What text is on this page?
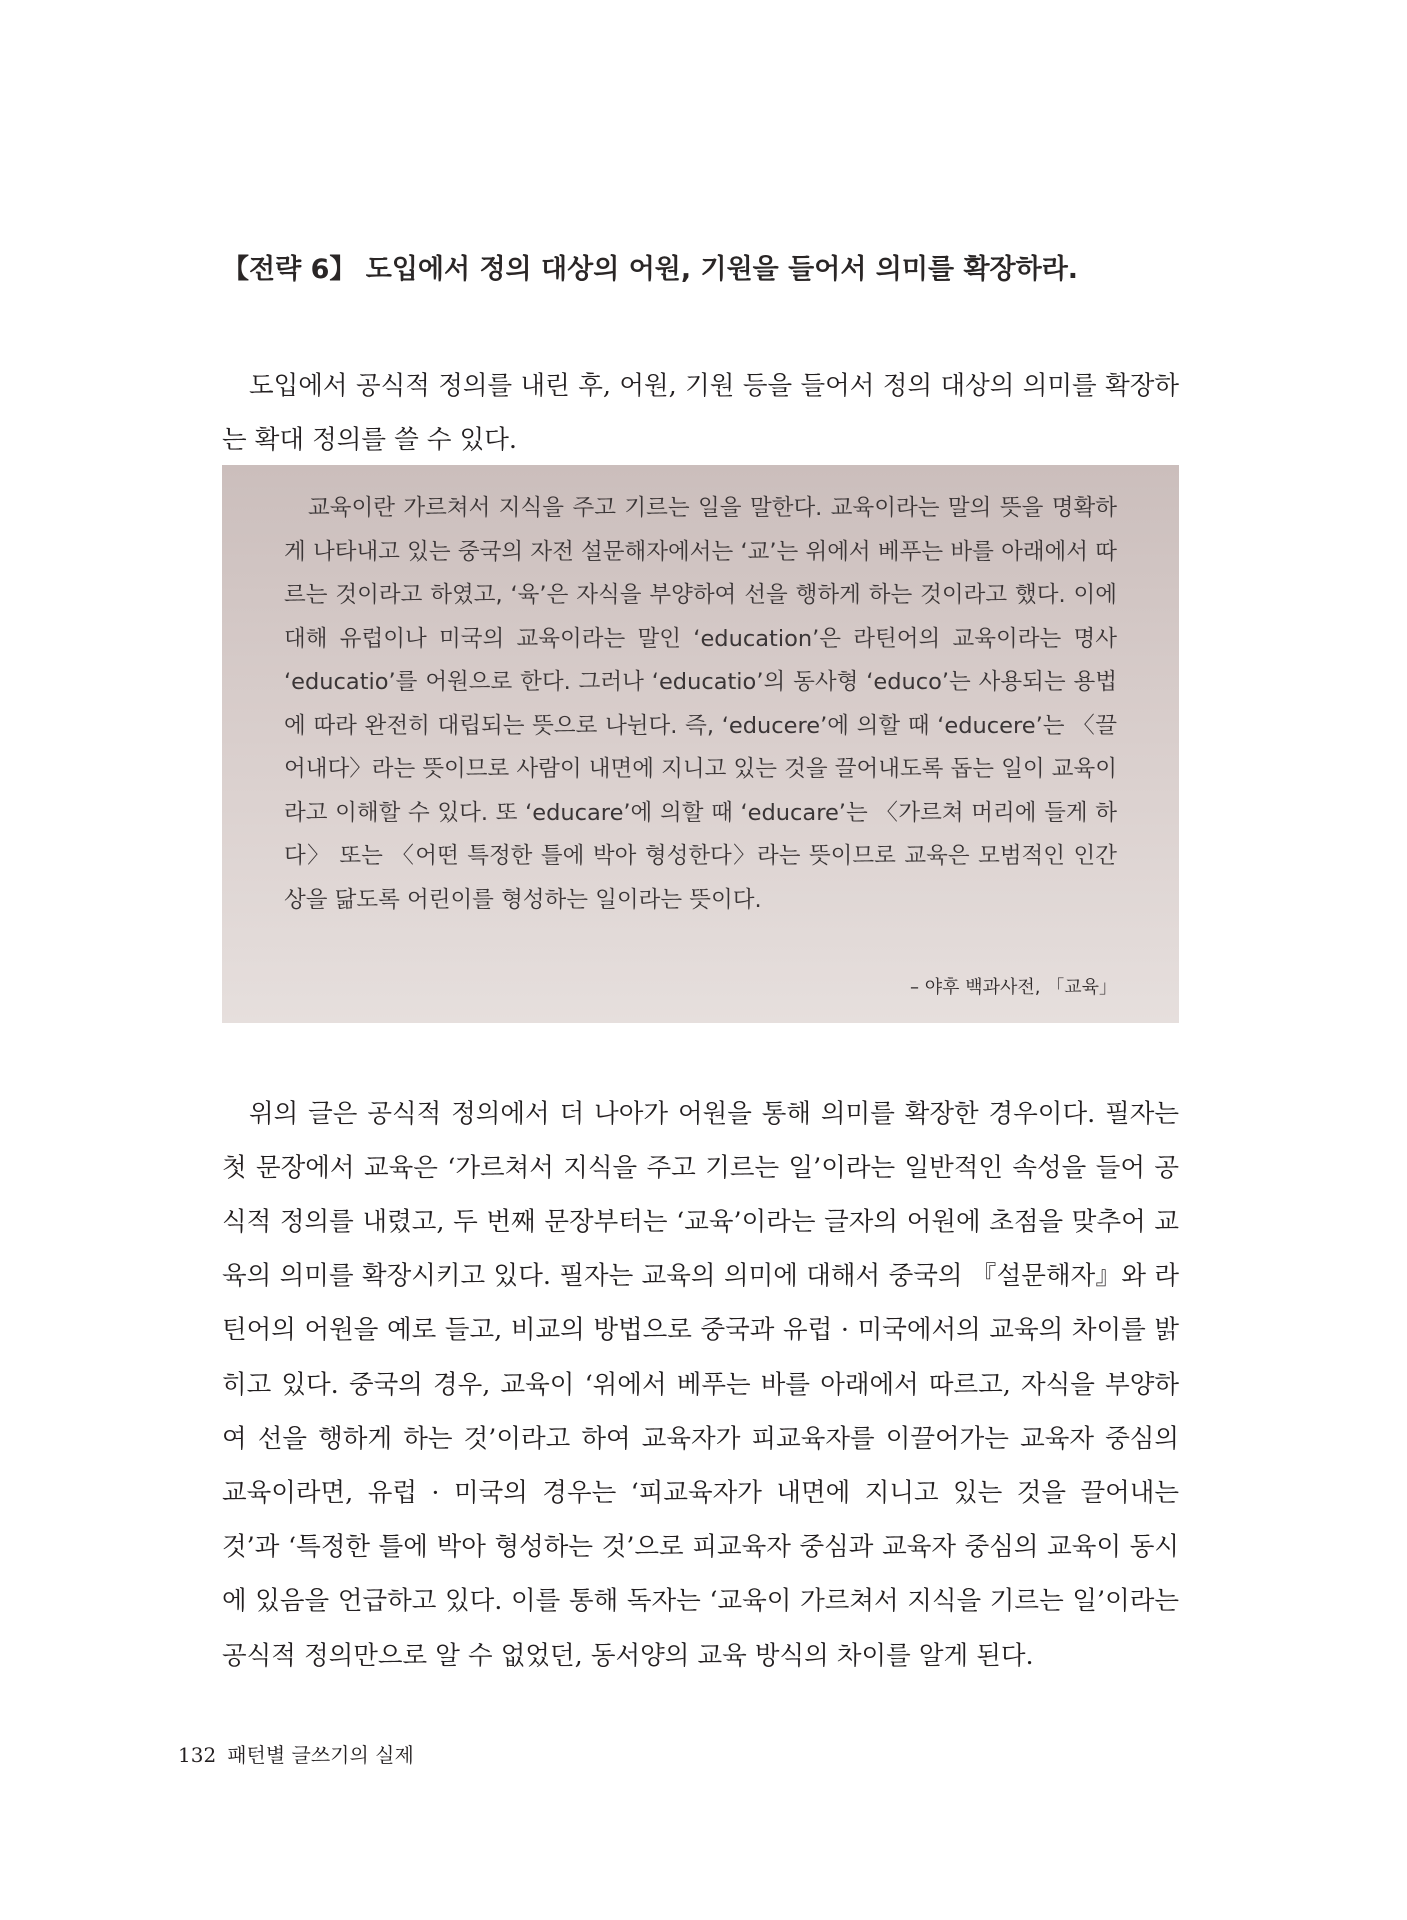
【전략 6】 도입에서 정의 대상의 어원, 기원을 들어서 의미를 확장하라.

도입에서 공식적 정의를 내린 후, 어원, 기원 등을 들어서 정의 대상의 의미를 확장하는 확대 정의를 쓸 수 있다.

교육이란 가르쳐서 지식을 주고 기르는 일을 말한다. 교육이라는 말의 뜻을 명확하게 나타내고 있는 중국의 자전 설문해자에서는 ‘교’는 위에서 베푸는 바를 아래에서 따르는 것이라고 하였고, ‘육’은 자식을 부양하여 선을 행하게 하는 것이라고 했다. 이에 대해 유럽이나 미국의 교육이라는 말인 ‘education’은 라틴어의 교육이라는 명사 ‘educatio’를 어원으로 한다. 그러나 ‘educatio’의 동사형 ‘educo’는 사용되는 용법에 따라 완전히 대립되는 뜻으로 나뉜다. 즉, ‘educere’에 의할 때 ‘educere’는 〈끌어내다〉라는 뜻이므로 사람이 내면에 지니고 있는 것을 끌어내도록 돕는 일이 교육이라고 이해할 수 있다. 또 ‘educare’에 의할 때 ‘educare’는 〈가르쳐 머리에 들게 하다〉 또는 〈어떤 특정한 틀에 박아 형성한다〉라는 뜻이므로 교육은 모범적인 인간상을 닮도록 어린이를 형성하는 일이라는 뜻이다.

– 야후 백과사전, 「교육」

위의 글은 공식적 정의에서 더 나아가 어원을 통해 의미를 확장한 경우이다. 필자는 첫 문장에서 교육은 ‘가르쳐서 지식을 주고 기르는 일’이라는 일반적인 속성을 들어 공식적 정의를 내렸고, 두 번째 문장부터는 ‘교육’이라는 글자의 어원에 초점을 맞추어 교육의 의미를 확장시키고 있다. 필자는 교육의 의미에 대해서 중국의 『설문해자』와 라틴어의 어원을 예로 들고, 비교의 방법으로 중국과 유럽 · 미국에서의 교육의 차이를 밝히고 있다. 중국의 경우, 교육이 ‘위에서 베푸는 바를 아래에서 따르고, 자식을 부양하여 선을 행하게 하는 것’이라고 하여 교육자가 피교육자를 이끌어가는 교육자 중심의 교육이라면, 유럽 · 미국의 경우는 ‘피교육자가 내면에 지니고 있는 것을 끌어내는 것’과 ‘특정한 틀에 박아 형성하는 것’으로 피교육자 중심과 교육자 중심의 교육이 동시에 있음을 언급하고 있다. 이를 통해 독자는 ‘교육이 가르쳐서 지식을 기르는 일’이라는 공식적 정의만으로 알 수 없었던, 동서양의 교육 방식의 차이를 알게 된다.

132 패턴별 글쓰기의 실제
